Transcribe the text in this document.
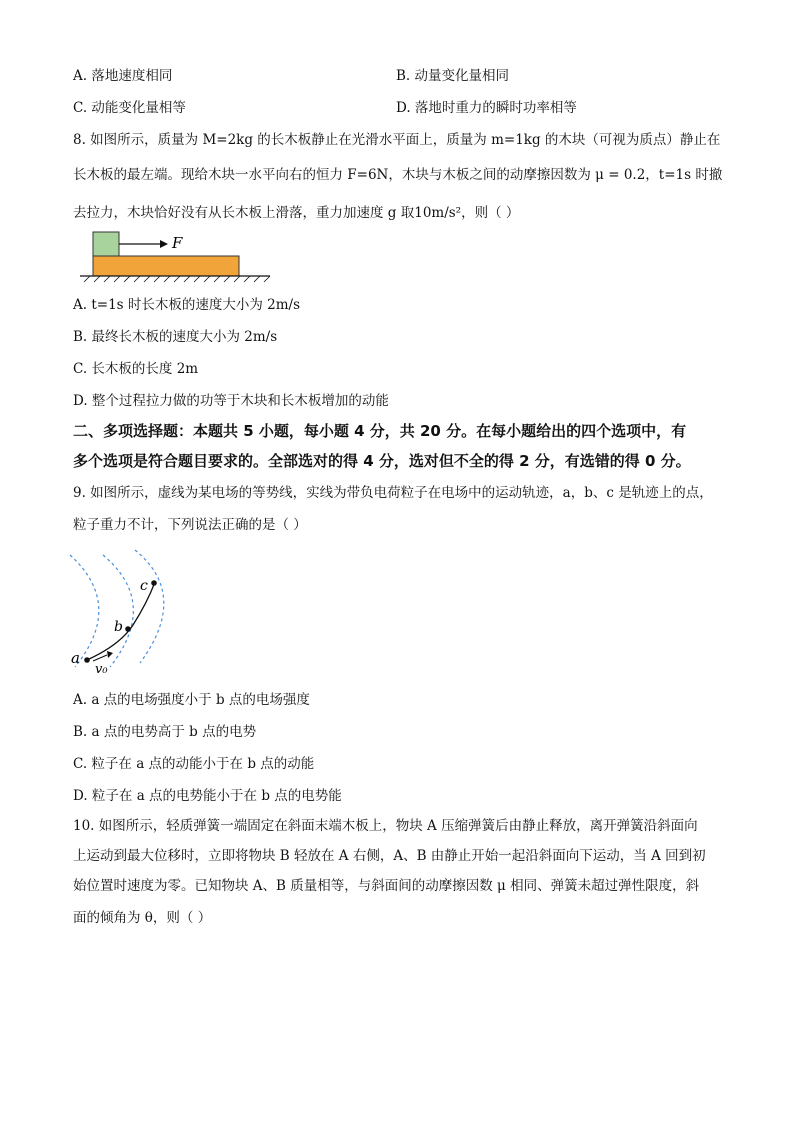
A. 落地速度相同	B. 动量变化量相同
C. 动能变化量相等	D. 落地时重力的瞬时功率相等
8. 如图所示，质量为 M=2kg 的长木板静止在光滑水平面上，质量为 m=1kg 的木块（可视为质点）静止在
长木板的最左端。现给木块一水平向右的恒力 F=6N，木块与木板之间的动摩擦因数为 μ = 0.2，t=1s 时撤
去拉力，木块恰好没有从长木板上滑落，重力加速度 g 取10m/s²，则（ ）
F
A. t=1s 时长木板的速度大小为 2m/s
B. 最终长木板的速度大小为 2m/s
C. 长木板的长度 2m
D. 整个过程拉力做的功等于木块和长木板增加的动能
二、多项选择题：本题共 5 小题，每小题 4 分，共 20 分。在每小题给出的四个选项中，有
多个选项是符合题目要求的。全部选对的得 4 分，选对但不全的得 2 分，有选错的得 0 分。
9. 如图所示，虚线为某电场的等势线，实线为带负电荷粒子在电场中的运动轨迹，a，b、c 是轨迹上的点，
粒子重力不计，下列说法正确的是（ ）
a
b
c
v₀
A. a 点的电场强度小于 b 点的电场强度
B. a 点的电势高于 b 点的电势
C. 粒子在 a 点的动能小于在 b 点的动能
D. 粒子在 a 点的电势能小于在 b 点的电势能
10. 如图所示，轻质弹簧一端固定在斜面末端木板上，物块 A 压缩弹簧后由静止释放，离开弹簧沿斜面向
上运动到最大位移时，立即将物块 B 轻放在 A 右侧，A、B 由静止开始一起沿斜面向下运动，当 A 回到初
始位置时速度为零。已知物块 A、B 质量相等，与斜面间的动摩擦因数 μ 相同、弹簧未超过弹性限度，斜
面的倾角为 θ，则（ ）
